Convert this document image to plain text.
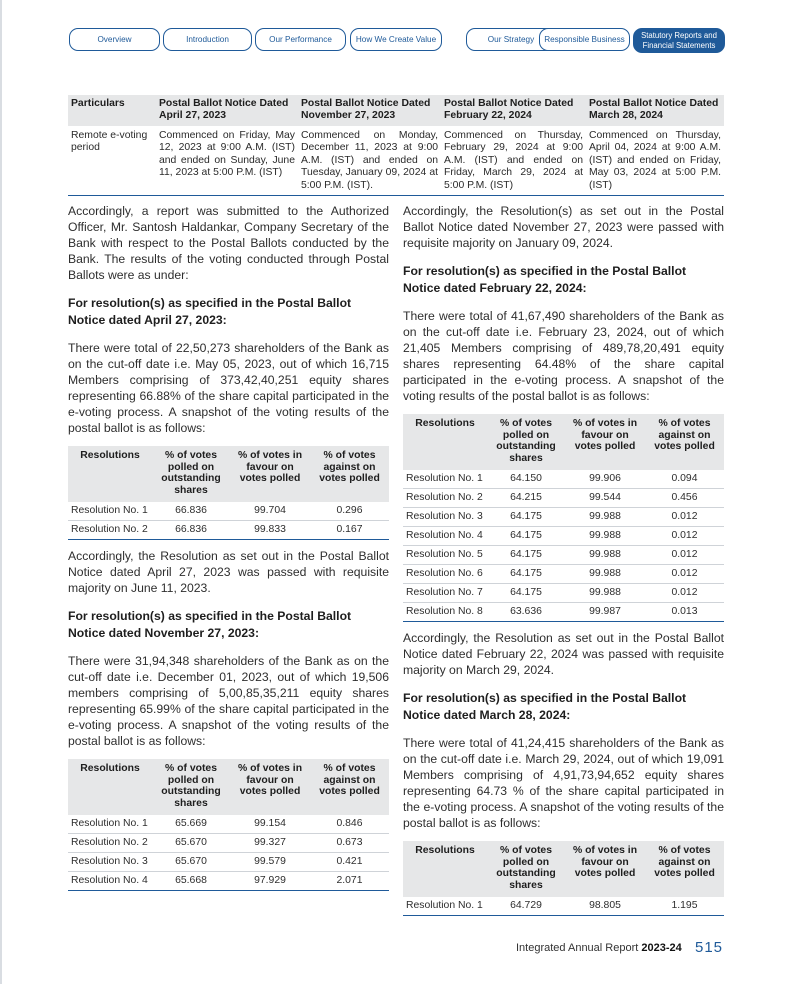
Overview	Introduction	Our Performance	How We Create Value	Our Strategy	Responsible Business	Statutory Reports and Financial Statements
Particulars	Postal Ballot Notice Dated April 27, 2023	Postal Ballot Notice Dated November 27, 2023	Postal Ballot Notice Dated February 22, 2024	Postal Ballot Notice Dated March 28, 2024
Remote e-voting period	Commenced on Friday, May 12, 2023 at 9:00 A.M. (IST) and ended on Sunday, June 11, 2023 at 5:00 P.M. (IST)	Commenced on Monday, December 11, 2023 at 9:00 A.M. (IST) and ended on Tuesday, January 09, 2024 at 5:00 P.M. (IST).	Commenced on Thursday, February 29, 2024 at 9:00 A.M. (IST) and ended on Friday, March 29, 2024 at 5:00 P.M. (IST)	Commenced on Thursday, April 04, 2024 at 9:00 A.M. (IST) and ended on Friday, May 03, 2024 at 5:00 P.M. (IST)

Accordingly, a report was submitted to the Authorized Officer, Mr. Santosh Haldankar, Company Secretary of the Bank with respect to the Postal Ballots conducted by the Bank. The results of the voting conducted through Postal Ballots were as under:

For resolution(s) as specified in the Postal Ballot Notice dated April 27, 2023:

There were total of 22,50,273 shareholders of the Bank as on the cut-off date i.e. May 05, 2023, out of which 16,715 Members comprising of 373,42,40,251 equity shares representing 66.88% of the share capital participated in the e-voting process. A snapshot of the voting results of the postal ballot is as follows:

Resolutions	% of votes polled on outstanding shares	% of votes in favour on votes polled	% of votes against on votes polled
Resolution No. 1	66.836	99.704	0.296
Resolution No. 2	66.836	99.833	0.167

Accordingly, the Resolution as set out in the Postal Ballot Notice dated April 27, 2023 was passed with requisite majority on June 11, 2023.

For resolution(s) as specified in the Postal Ballot Notice dated November 27, 2023:

There were 31,94,348 shareholders of the Bank as on the cut-off date i.e. December 01, 2023, out of which 19,506 members comprising of 5,00,85,35,211 equity shares representing 65.99% of the share capital participated in the e-voting process. A snapshot of the voting results of the postal ballot is as follows:

Resolutions	% of votes polled on outstanding shares	% of votes in favour on votes polled	% of votes against on votes polled
Resolution No. 1	65.669	99.154	0.846
Resolution No. 2	65.670	99.327	0.673
Resolution No. 3	65.670	99.579	0.421
Resolution No. 4	65.668	97.929	2.071

Accordingly, the Resolution(s) as set out in the Postal Ballot Notice dated November 27, 2023 were passed with requisite majority on January 09, 2024.

For resolution(s) as specified in the Postal Ballot Notice dated February 22, 2024:

There were total of 41,67,490 shareholders of the Bank as on the cut-off date i.e. February 23, 2024, out of which 21,405 Members comprising of 489,78,20,491 equity shares representing 64.48% of the share capital participated in the e-voting process. A snapshot of the voting results of the postal ballot is as follows:

Resolutions	% of votes polled on outstanding shares	% of votes in favour on votes polled	% of votes against on votes polled
Resolution No. 1	64.150	99.906	0.094
Resolution No. 2	64.215	99.544	0.456
Resolution No. 3	64.175	99.988	0.012
Resolution No. 4	64.175	99.988	0.012
Resolution No. 5	64.175	99.988	0.012
Resolution No. 6	64.175	99.988	0.012
Resolution No. 7	64.175	99.988	0.012
Resolution No. 8	63.636	99.987	0.013

Accordingly, the Resolution as set out in the Postal Ballot Notice dated February 22, 2024 was passed with requisite majority on March 29, 2024.

For resolution(s) as specified in the Postal Ballot Notice dated March 28, 2024:

There were total of 41,24,415 shareholders of the Bank as on the cut-off date i.e. March 29, 2024, out of which 19,091 Members comprising of 4,91,73,94,652 equity shares representing 64.73 % of the share capital participated in the e-voting process. A snapshot of the voting results of the postal ballot is as follows:

Resolutions	% of votes polled on outstanding shares	% of votes in favour on votes polled	% of votes against on votes polled
Resolution No. 1	64.729	98.805	1.195
Integrated Annual Report 2023-24 515
